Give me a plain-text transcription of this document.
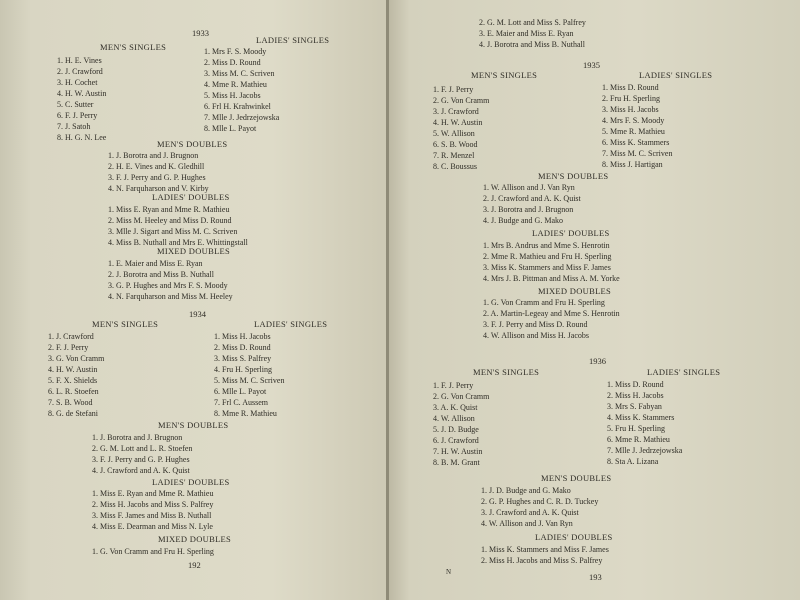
1933
LADIES' SINGLES
1. Mrs F. S. Moody
2. Miss D. Round
3. Miss M. C. Scriven
4. Mme R. Mathieu
5. Miss H. Jacobs
6. Frl H. Krahwinkel
7. Mlle J. Jedrzejowska
8. Mlle L. Payot
MEN'S SINGLES
1. H. E. Vines
2. J. Crawford
3. H. Cochet
4. H. W. Austin
5. C. Sutter
6. F. J. Perry
7. J. Satoh
8. H. G. N. Lee
MEN'S DOUBLES
1. J. Borotra and J. Brugnon
2. H. E. Vines and K. Gledhill
3. F. J. Perry and G. P. Hughes
4. N. Farquharson and V. Kirby
LADIES' DOUBLES
1. Miss E. Ryan and Mme R. Mathieu
2. Miss M. Heeley and Miss D. Round
3. Mlle J. Sigart and Miss M. C. Scriven
4. Miss B. Nuthall and Mrs E. Whittingstall
MIXED DOUBLES
1. E. Maier and Miss E. Ryan
2. J. Borotra and Miss B. Nuthall
3. G. P. Hughes and Mrs F. S. Moody
4. N. Farquharson and Miss M. Heeley
1934
MEN'S SINGLES
1. J. Crawford
2. F. J. Perry
3. G. Von Cramm
4. H. W. Austin
5. F. X. Shields
6. L. R. Stoefen
7. S. B. Wood
8. G. de Stefani
LADIES' SINGLES
1. Miss H. Jacobs
2. Miss D. Round
3. Miss S. Palfrey
4. Fru H. Sperling
5. Miss M. C. Scriven
6. Mlle L. Payot
7. Frl C. Aussem
8. Mme R. Mathieu
MEN'S DOUBLES
1. J. Borotra and J. Brugnon
2. G. M. Lott and L. R. Stoefen
3. F. J. Perry and G. P. Hughes
4. J. Crawford and A. K. Quist
LADIES' DOUBLES
1. Miss E. Ryan and Mme R. Mathieu
2. Miss H. Jacobs and Miss S. Palfrey
3. Miss F. James and Miss B. Nuthall
4. Miss E. Dearman and Miss N. Lyle
MIXED DOUBLES
1. G. Von Cramm and Fru H. Sperling
192
2. G. M. Lott and Miss S. Palfrey
3. E. Maier and Miss E. Ryan
4. J. Borotra and Miss B. Nuthall
1935
MEN'S SINGLES
1. F. J. Perry
2. G. Von Cramm
3. J. Crawford
4. H. W. Austin
5. W. Allison
6. S. B. Wood
7. R. Menzel
8. C. Boussus
LADIES' SINGLES
1. Miss D. Round
2. Fru H. Sperling
3. Miss H. Jacobs
4. Mrs F. S. Moody
5. Mme R. Mathieu
6. Miss K. Stammers
7. Miss M. C. Scriven
8. Miss J. Hartigan
MEN'S DOUBLES
1. W. Allison and J. Van Ryn
2. J. Crawford and A. K. Quist
3. J. Borotra and J. Brugnon
4. J. Budge and G. Mako
LADIES' DOUBLES
1. Mrs B. Andrus and Mme S. Henrotin
2. Mme R. Mathieu and Fru H. Sperling
3. Miss K. Stammers and Miss F. James
4. Mrs J. B. Pittman and Miss A. M. Yorke
MIXED DOUBLES
1. G. Von Cramm and Fru H. Sperling
2. A. Martin-Legeay and Mme S. Henrotin
3. F. J. Perry and Miss D. Round
4. W. Allison and Miss H. Jacobs
1936
MEN'S SINGLES
1. F. J. Perry
2. G. Von Cramm
3. A. K. Quist
4. W. Allison
5. J. D. Budge
6. J. Crawford
7. H. W. Austin
8. B. M. Grant
LADIES' SINGLES
1. Miss D. Round
2. Miss H. Jacobs
3. Mrs S. Fabyan
4. Miss K. Stammers
5. Fru H. Sperling
6. Mme R. Mathieu
7. Mlle J. Jedrzejowska
8. Sta A. Lizana
MEN'S DOUBLES
1. J. D. Budge and G. Mako
2. G. P. Hughes and C. R. D. Tuckey
3. J. Crawford and A. K. Quist
4. W. Allison and J. Van Ryn
LADIES' DOUBLES
1. Miss K. Stammers and Miss F. James
2. Miss H. Jacobs and Miss S. Palfrey
N	193
